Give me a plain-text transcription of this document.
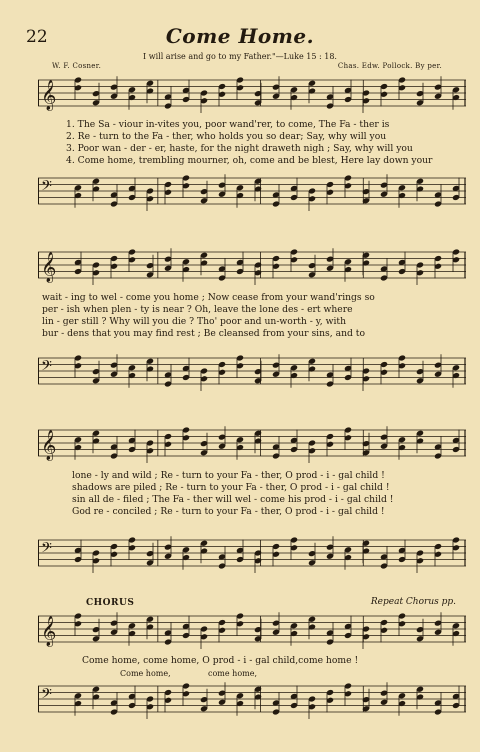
22	Come Home.
I will arise and go to my Father."—Luke 15 : 18.
W. F. Cosner.	Chas. Edw. Pollock. By per.
𝄞
1. The Sa - viour in-vites you, poor wand'rer, to come, The Fa - ther is
2. Re - turn to the Fa - ther, who holds you so dear; Say, why will you
3. Poor wan - der - er, haste, for the night draweth nigh ; Say, why will you
4. Come home, trembling mourner, oh, come and be blest, Here lay down your
𝄢
𝄞
wait - ing to wel - come you home ; Now cease from your wand'rings so
per - ish when plen - ty is near ? Oh, leave the lone des - ert where
lin - ger still ? Why will you die ? Tho' poor and un-worth - y, with
bur - dens that you may find rest ; Be cleansed from your sins, and to
𝄢
𝄞
lone - ly and wild ; Re - turn to your Fa - ther, O prod - i - gal child !
shadows are piled ; Re - turn to your Fa - ther, O prod - i - gal child !
sin all de - filed ; The Fa - ther will wel - come his prod - i - gal child !
God re - conciled ; Re - turn to your Fa - ther, O prod - i - gal child !
𝄢
CHORUS	Repeat Chorus pp.
𝄞
Come home, come home, O prod - i - gal child,come home !
Come home,	come home,
𝄢
